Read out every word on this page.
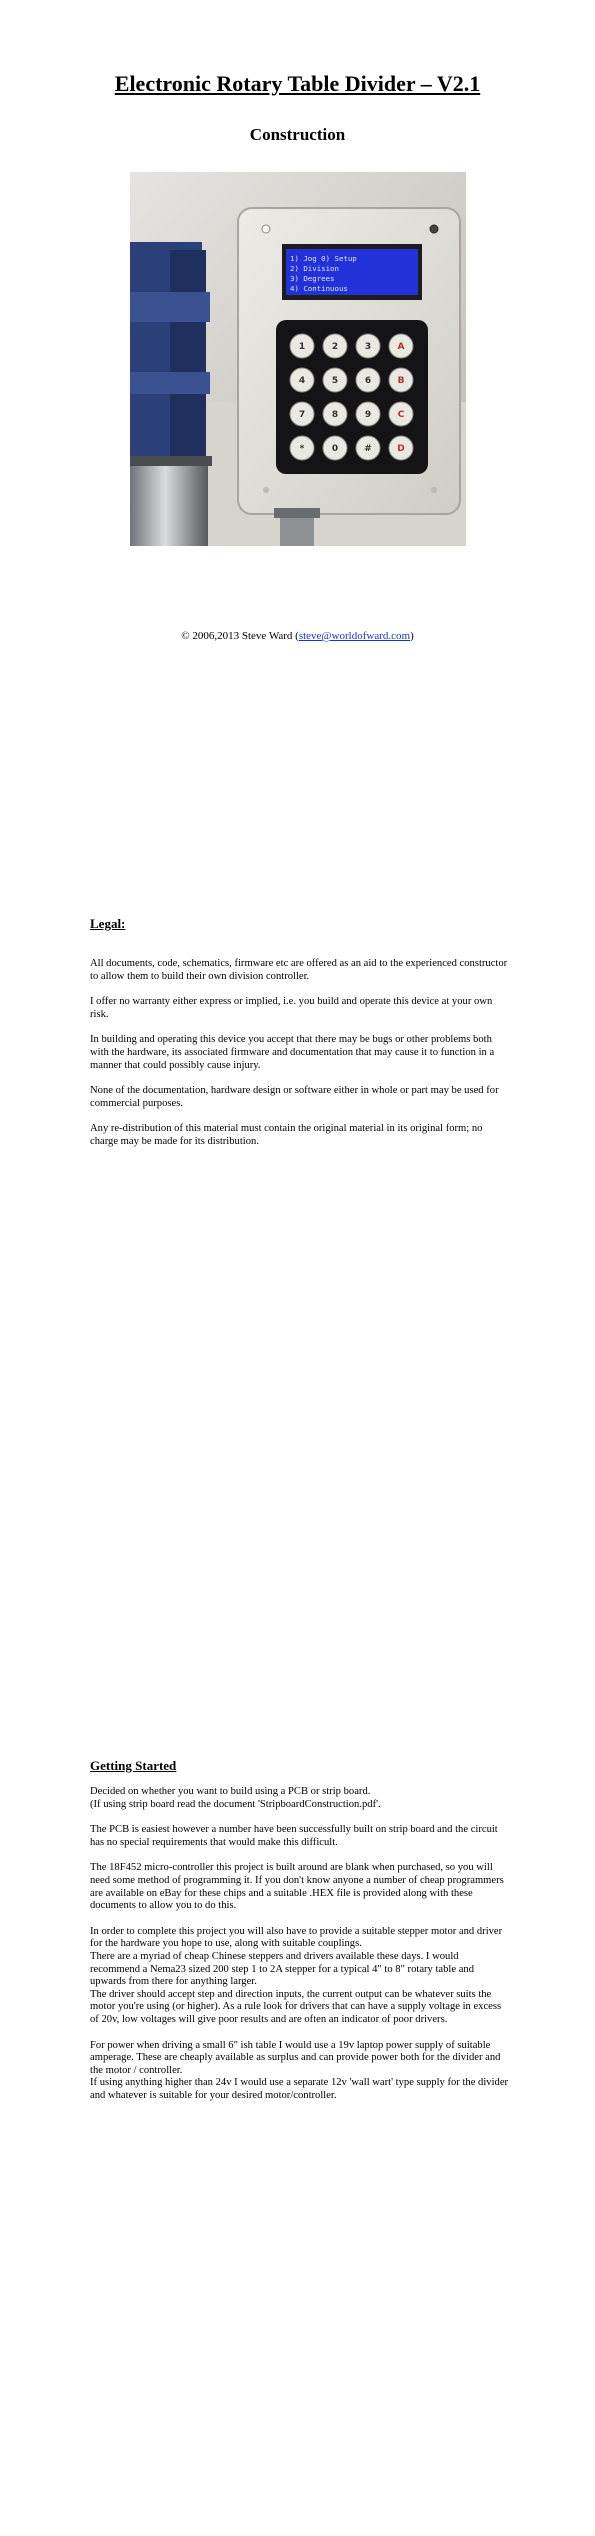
Electronic Rotary Table Divider – V2.1
Construction
1) Jog 0) Setup
2) Division
3) Degrees
4) Continuous
1	2	3	A
4	5	6	B
7	8	9	C
*	0	#	D
© 2006,2013 Steve Ward (steve@worldofward.com)
Legal:

All documents, code, schematics, firmware etc are offered as an aid to the experienced constructor to allow them to build their own division controller.

I offer no warranty either express or implied, i.e. you build and operate this device at your own risk.

In building and operating this device you accept that there may be bugs or other problems both with the hardware, its associated firmware and documentation that may cause it to function in a manner that could possibly cause injury.

None of the documentation, hardware design or software either in whole or part may be used for commercial purposes.

Any re-distribution of this material must contain the original material in its original form; no charge may be made for its distribution.

Getting Started

Decided on whether you want to build using a PCB or strip board.

(If using strip board read the document 'StripboardConstruction.pdf'.

The PCB is easiest however a number have been successfully built on strip board and the circuit has no special requirements that would make this difficult.

The 18F452 micro-controller this project is built around are blank when purchased, so you will need some method of programming it. If you don't know anyone a number of cheap programmers are available on eBay for these chips and a suitable .HEX file is provided along with these documents to allow you to do this.

In order to complete this project you will also have to provide a suitable stepper motor and driver for the hardware you hope to use, along with suitable couplings.

There are a myriad of cheap Chinese steppers and drivers available these days. I would recommend a Nema23 sized 200 step 1 to 2A stepper for a typical 4" to 8" rotary table and upwards from there for anything larger.

The driver should accept step and direction inputs, the current output can be whatever suits the motor you're using (or higher). As a rule look for drivers that can have a supply voltage in excess of 20v, low voltages will give poor results and are often an indicator of poor drivers.

For power when driving a small 6" ish table I would use a 19v laptop power supply of suitable amperage. These are cheaply available as surplus and can provide power both for the divider and the motor / controller.

If using anything higher than 24v I would use a separate 12v 'wall wart' type supply for the divider and whatever is suitable for your desired motor/controller.
